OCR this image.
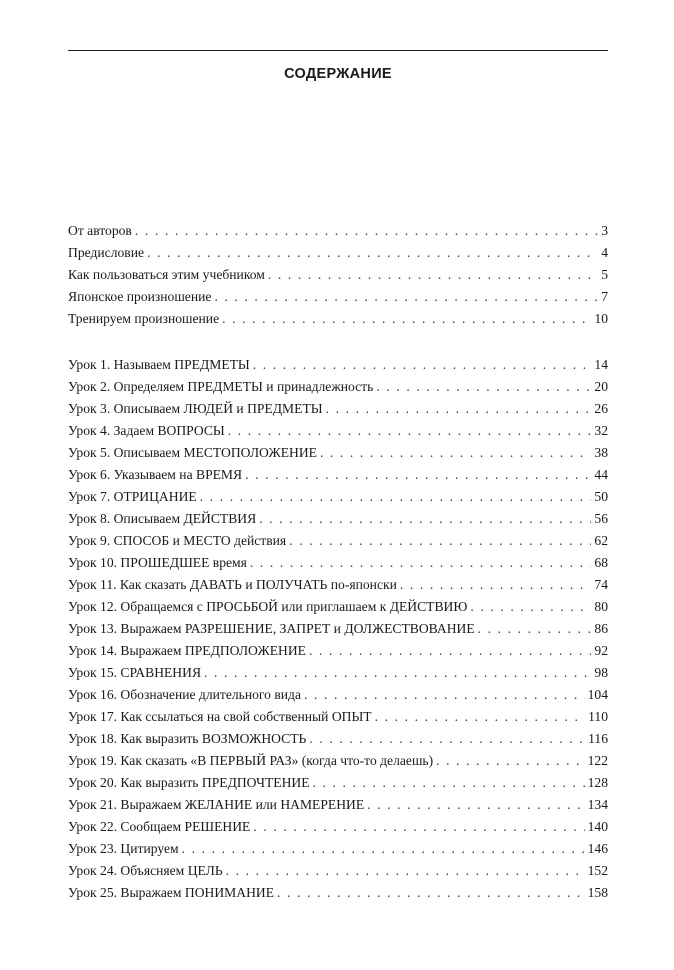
СОДЕРЖАНИЕ
От авторов . . .	3
Предисловие . . .	4
Как пользоваться этим учебником . . .	5
Японское произношение . . .	7
Тренируем произношение . . .	10
Урок 1. Называем ПРЕДМЕТЫ . . .	14
Урок 2. Определяем ПРЕДМЕТЫ и принадлежность . . .	20
Урок 3. Описываем ЛЮДЕЙ и ПРЕДМЕТЫ . . .	26
Урок 4. Задаем ВОПРОСЫ . . .	32
Урок 5. Описываем МЕСТОПОЛОЖЕНИЕ . . .	38
Урок 6. Указываем на ВРЕМЯ . . .	44
Урок 7. ОТРИЦАНИЕ . . .	50
Урок 8. Описываем ДЕЙСТВИЯ . . .	56
Урок 9. СПОСОБ и МЕСТО действия . . .	62
Урок 10. ПРОШЕДШЕЕ время . . .	68
Урок 11. Как сказать ДАВАТЬ и ПОЛУЧАТЬ по-японски . . .	74
Урок 12. Обращаемся с ПРОСЬБОЙ или приглашаем к ДЕЙСТВИЮ . . .	80
Урок 13. Выражаем РАЗРЕШЕНИЕ, ЗАПРЕТ и ДОЛЖЕСТВОВАНИЕ . . .	86
Урок 14. Выражаем ПРЕДПОЛОЖЕНИЕ . . .	92
Урок 15. СРАВНЕНИЯ . . .	98
Урок 16. Обозначение длительного вида . . .	104
Урок 17. Как ссылаться на свой собственный ОПЫТ . . .	110
Урок 18. Как выразить ВОЗМОЖНОСТЬ . . .	116
Урок 19. Как сказать «В ПЕРВЫЙ РАЗ» (когда что-то делаешь) . . .	122
Урок 20. Как выразить ПРЕДПОЧТЕНИЕ . . .	128
Урок 21. Выражаем ЖЕЛАНИЕ или НАМЕРЕНИЕ . . .	134
Урок 22. Сообщаем РЕШЕНИЕ . . .	140
Урок 23. Цитируем . . .	146
Урок 24. Объясняем ЦЕЛЬ . . .	152
Урок 25. Выражаем ПОНИМАНИЕ . . .	158
